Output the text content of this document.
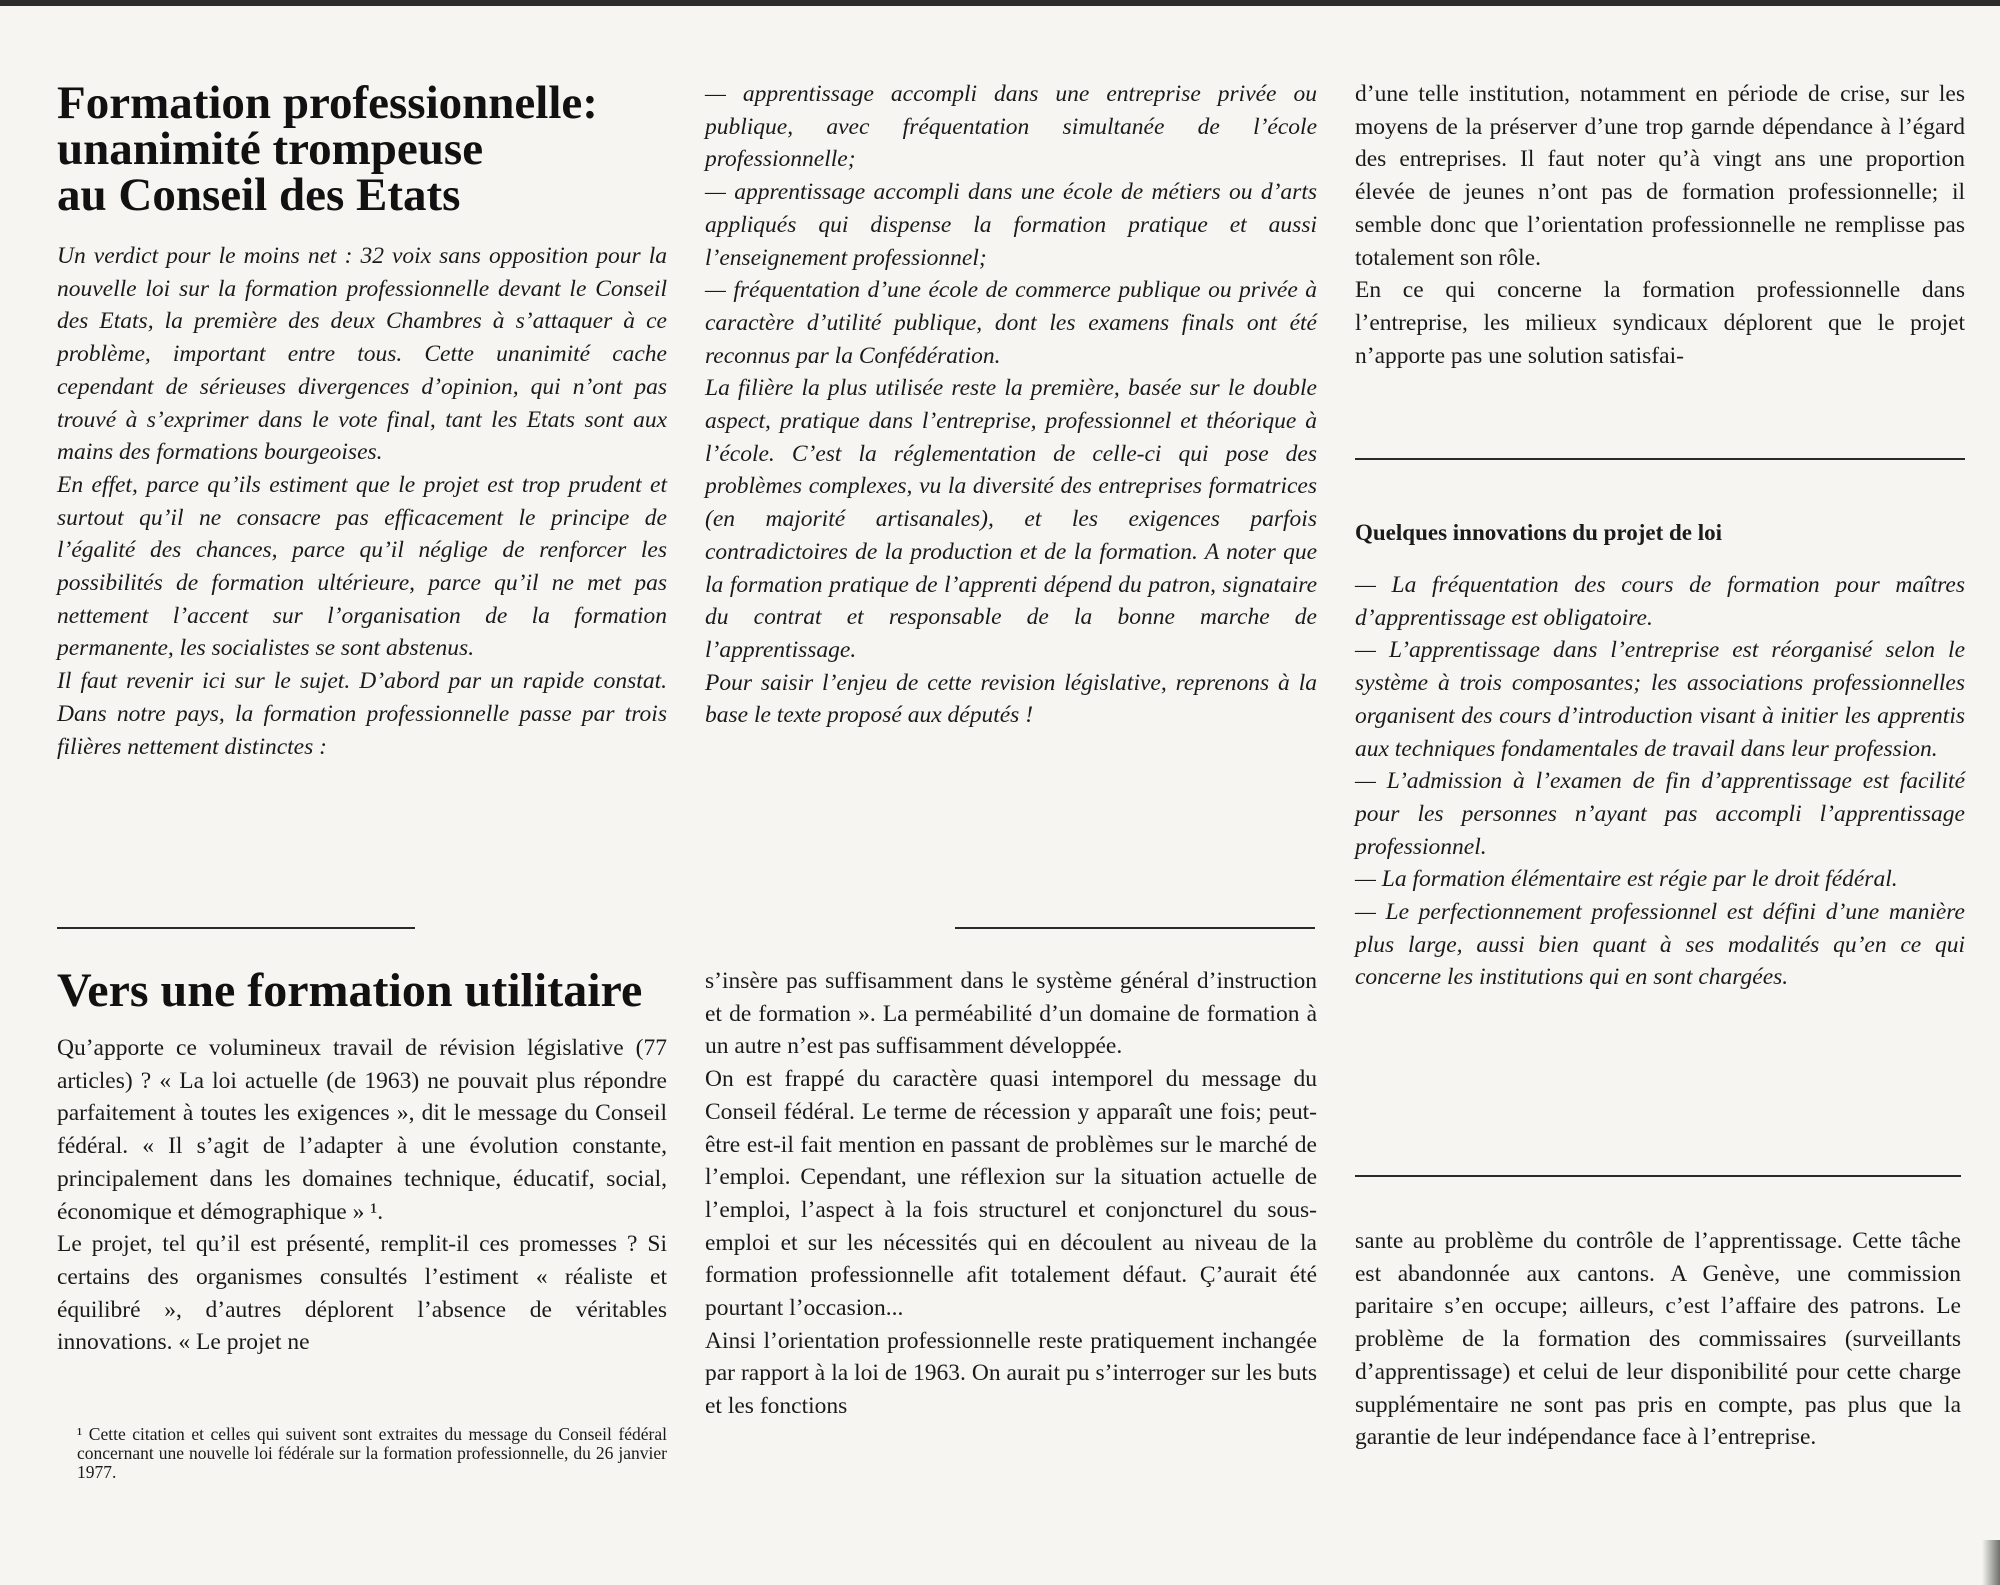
Formation professionnelle:
unanimité trompeuse
au Conseil des Etats

Un verdict pour le moins net : 32 voix sans opposition pour la nouvelle loi sur la formation professionnelle devant le Conseil des Etats, la première des deux Chambres à s’attaquer à ce problème, important entre tous. Cette unanimité cache cependant de sérieuses divergences d’opinion, qui n’ont pas trouvé à s’exprimer dans le vote final, tant les Etats sont aux mains des formations bourgeoises.

En effet, parce qu’ils estiment que le projet est trop prudent et surtout qu’il ne consacre pas efficacement le principe de l’égalité des chances, parce qu’il néglige de renforcer les possibilités de formation ultérieure, parce qu’il ne met pas nettement l’accent sur l’organisation de la formation permanente, les socialistes se sont abstenus.

Il faut revenir ici sur le sujet. D’abord par un rapide constat. Dans notre pays, la formation professionnelle passe par trois filières nettement distinctes :

— apprentissage accompli dans une entreprise privée ou publique, avec fréquentation simultanée de l’école professionnelle;

— apprentissage accompli dans une école de métiers ou d’arts appliqués qui dispense la formation pratique et aussi l’enseignement professionnel;

— fréquentation d’une école de commerce publique ou privée à caractère d’utilité publique, dont les examens finals ont été reconnus par la Confédération.

La filière la plus utilisée reste la première, basée sur le double aspect, pratique dans l’entreprise, professionnel et théorique à l’école. C’est la réglementation de celle-ci qui pose des problèmes complexes, vu la diversité des entreprises formatrices (en majorité artisanales), et les exigences parfois contradictoires de la production et de la formation. A noter que la formation pratique de l’apprenti dépend du patron, signataire du contrat et responsable de la bonne marche de l’apprentissage.

Pour saisir l’enjeu de cette revision législative, reprenons à la base le texte proposé aux députés !

d’une telle institution, notamment en période de crise, sur les moyens de la préserver d’une trop garnde dépendance à l’égard des entreprises. Il faut noter qu’à vingt ans une proportion élevée de jeunes n’ont pas de formation professionnelle; il semble donc que l’orientation professionnelle ne remplisse pas totalement son rôle.

En ce qui concerne la formation professionnelle dans l’entreprise, les milieux syndicaux déplorent que le projet n’apporte pas une solution satisfai-

Quelques innovations du projet de loi

— La fréquentation des cours de formation pour maîtres d’apprentissage est obligatoire.

— L’apprentissage dans l’entreprise est réorganisé selon le système à trois composantes; les associations professionnelles organisent des cours d’introduction visant à initier les apprentis aux techniques fondamentales de travail dans leur profession.

— L’admission à l’examen de fin d’apprentissage est facilité pour les personnes n’ayant pas accompli l’apprentissage professionnel.

— La formation élémentaire est régie par le droit fédéral.

— Le perfectionnement professionnel est défini d’une manière plus large, aussi bien quant à ses modalités qu’en ce qui concerne les institutions qui en sont chargées.

Vers une formation utilitaire

Qu’apporte ce volumineux travail de révision législative (77 articles) ? « La loi actuelle (de 1963) ne pouvait plus répondre parfaitement à toutes les exigences », dit le message du Conseil fédéral. « Il s’agit de l’adapter à une évolution constante, principalement dans les domaines technique, éducatif, social, économique et démographique » ¹.

Le projet, tel qu’il est présenté, remplit-il ces promesses ? Si certains des organismes consultés l’estiment « réaliste et équilibré », d’autres déplorent l’absence de véritables innovations. « Le projet ne

¹ Cette citation et celles qui suivent sont extraites du message du Conseil fédéral concernant une nouvelle loi fédérale sur la formation professionnelle, du 26 janvier 1977.

s’insère pas suffisamment dans le système général d’instruction et de formation ». La perméabilité d’un domaine de formation à un autre n’est pas suffisamment développée.

On est frappé du caractère quasi intemporel du message du Conseil fédéral. Le terme de récession y apparaît une fois; peut-être est-il fait mention en passant de problèmes sur le marché de l’emploi. Cependant, une réflexion sur la situation actuelle de l’emploi, l’aspect à la fois structurel et conjoncturel du sous-emploi et sur les nécessités qui en découlent au niveau de la formation professionnelle afit totalement défaut. Ç’aurait été pourtant l’occasion...

Ainsi l’orientation professionnelle reste pratiquement inchangée par rapport à la loi de 1963. On aurait pu s’interroger sur les buts et les fonctions

sante au problème du contrôle de l’apprentissage. Cette tâche est abandonnée aux cantons. A Genève, une commission paritaire s’en occupe; ailleurs, c’est l’affaire des patrons. Le problème de la formation des commissaires (surveillants d’apprentissage) et celui de leur disponibilité pour cette charge supplémentaire ne sont pas pris en compte, pas plus que la garantie de leur indépendance face à l’entreprise.
